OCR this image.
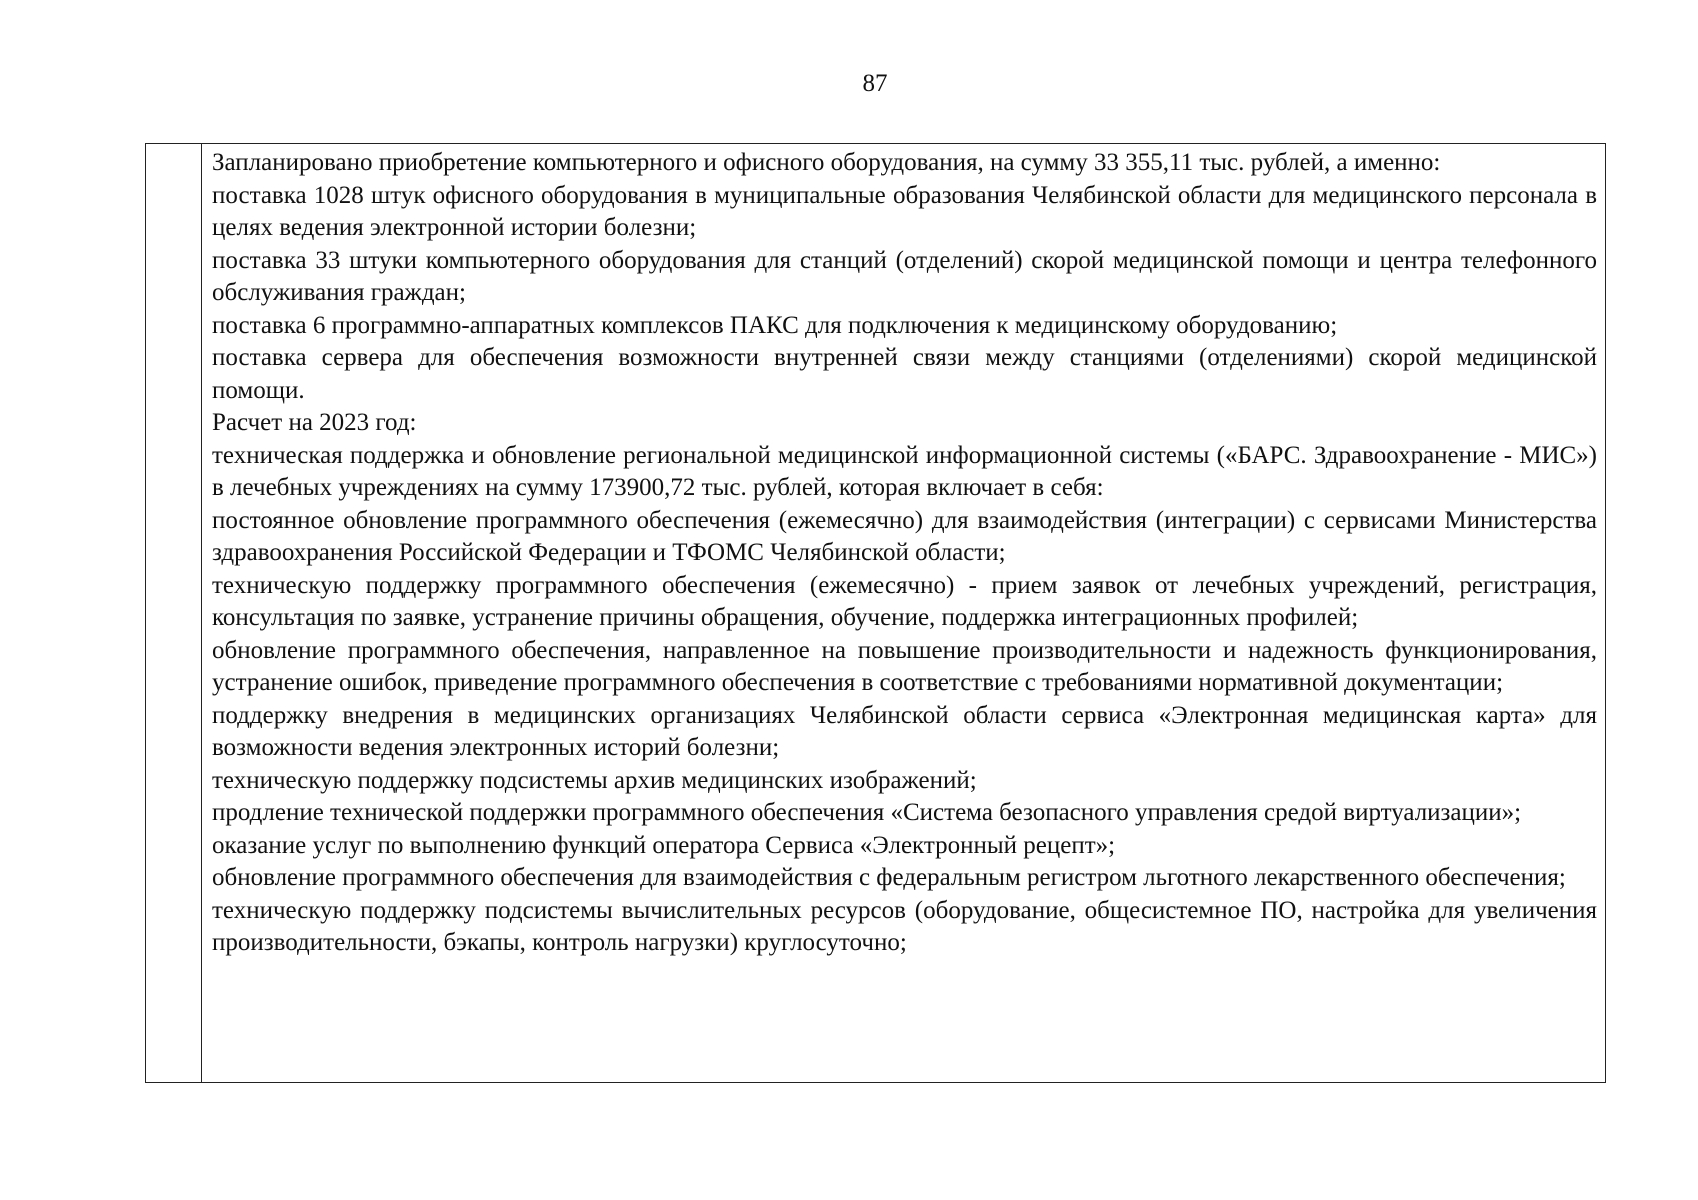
87

Запланировано приобретение компьютерного и офисного оборудования, на сумму 33 355,11 тыс. рублей, а именно:

поставка 1028 штук офисного оборудования в муниципальные образования Челябинской области для медицинского персонала в целях ведения электронной истории болезни;

поставка 33 штуки компьютерного оборудования для станций (отделений) скорой медицинской помощи и центра телефонного обслуживания граждан;

поставка 6 программно-аппаратных комплексов ПАКС для подключения к медицинскому оборудованию;

поставка сервера для обеспечения возможности внутренней связи между станциями (отделениями) скорой медицинской помощи.

Расчет на 2023 год:

техническая поддержка и обновление региональной медицинской информационной системы («БАРС. Здравоохранение - МИС») в лечебных учреждениях на сумму 173900,72 тыс. рублей, которая включает в себя:

постоянное обновление программного обеспечения (ежемесячно) для взаимодействия (интеграции) с сервисами Министерства здравоохранения Российской Федерации и ТФОМС Челябинской области;

техническую поддержку программного обеспечения (ежемесячно) - прием заявок от лечебных учреждений, регистрация, консультация по заявке, устранение причины обращения, обучение, поддержка интеграционных профилей;

обновление программного обеспечения, направленное на повышение производительности и надежность функционирования, устранение ошибок, приведение программного обеспечения в соответствие с требованиями нормативной документации;

поддержку внедрения в медицинских организациях Челябинской области сервиса «Электронная медицинская карта» для возможности ведения электронных историй болезни;

техническую поддержку подсистемы архив медицинских изображений;

продление технической поддержки программного обеспечения «Система безопасного управления средой виртуализации»;

оказание услуг по выполнению функций оператора Сервиса «Электронный рецепт»;

обновление программного обеспечения для взаимодействия с федеральным регистром льготного лекарственного обеспечения;

техническую поддержку подсистемы вычислительных ресурсов (оборудование, общесистемное ПО, настройка для увеличения производительности, бэкапы, контроль нагрузки) круглосуточно;
